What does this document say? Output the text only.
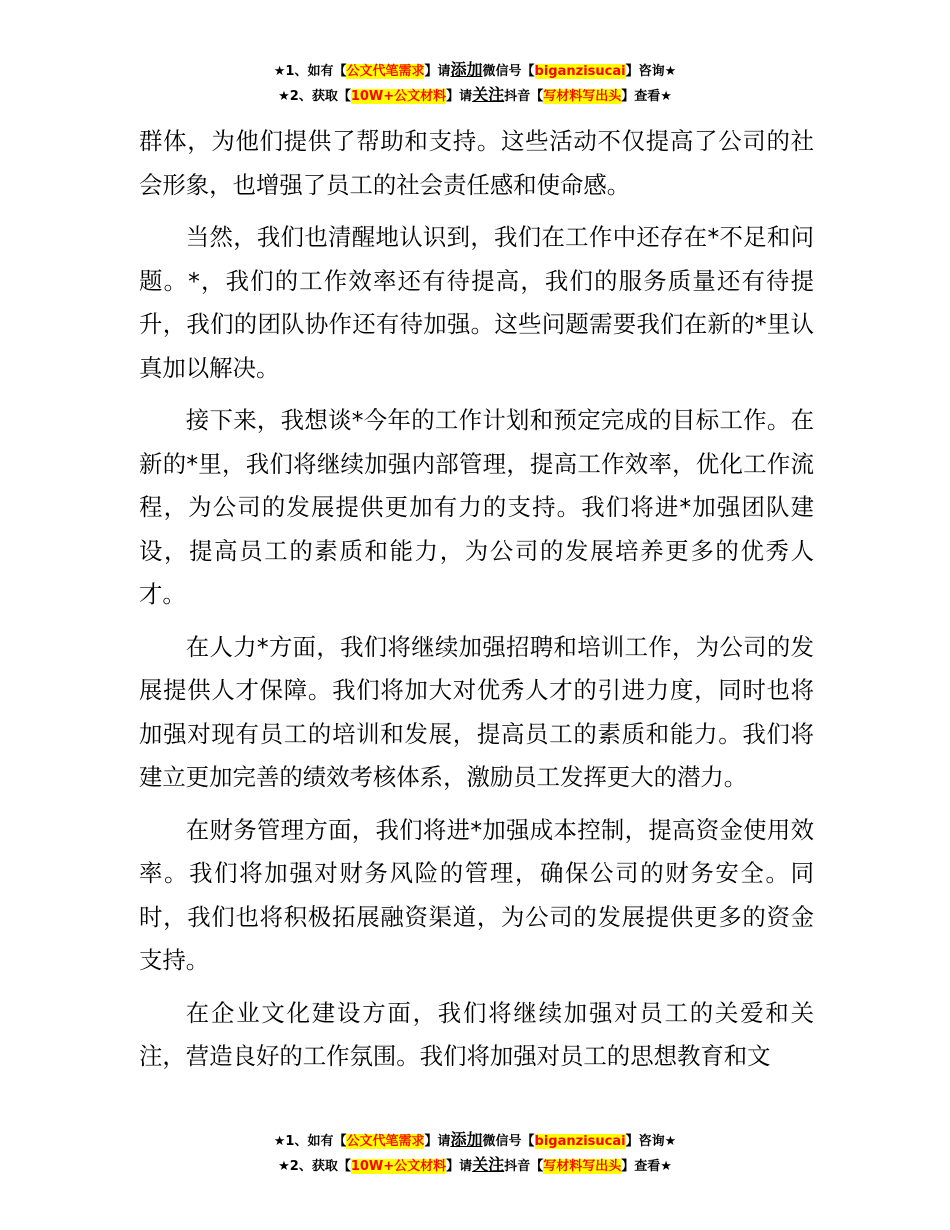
★1、如有【公文代笔需求】请添加微信号【biganzisucai】咨询★
★2、获取【10W+公文材料】请关注抖音【写材料写出头】查看★

群体，为他们提供了帮助和支持。这些活动不仅提高了公司的社会形象，也增强了员工的社会责任感和使命感。

当然，我们也清醒地认识到，我们在工作中还存在*不足和问题。*，我们的工作效率还有待提高，我们的服务质量还有待提升，我们的团队协作还有待加强。这些问题需要我们在新的*里认真加以解决。

接下来，我想谈*今年的工作计划和预定完成的目标工作。在新的*里，我们将继续加强内部管理，提高工作效率，优化工作流程，为公司的发展提供更加有力的支持。我们将进*加强团队建设，提高员工的素质和能力，为公司的发展培养更多的优秀人才。

在人力*方面，我们将继续加强招聘和培训工作，为公司的发展提供人才保障。我们将加大对优秀人才的引进力度，同时也将加强对现有员工的培训和发展，提高员工的素质和能力。我们将建立更加完善的绩效考核体系，激励员工发挥更大的潜力。

在财务管理方面，我们将进*加强成本控制，提高资金使用效率。我们将加强对财务风险的管理，确保公司的财务安全。同时，我们也将积极拓展融资渠道，为公司的发展提供更多的资金支持。

在企业文化建设方面，我们将继续加强对员工的关爱和关注，营造良好的工作氛围。我们将加强对员工的思想教育和文

★1、如有【公文代笔需求】请添加微信号【biganzisucai】咨询★
★2、获取【10W+公文材料】请关注抖音【写材料写出头】查看★
